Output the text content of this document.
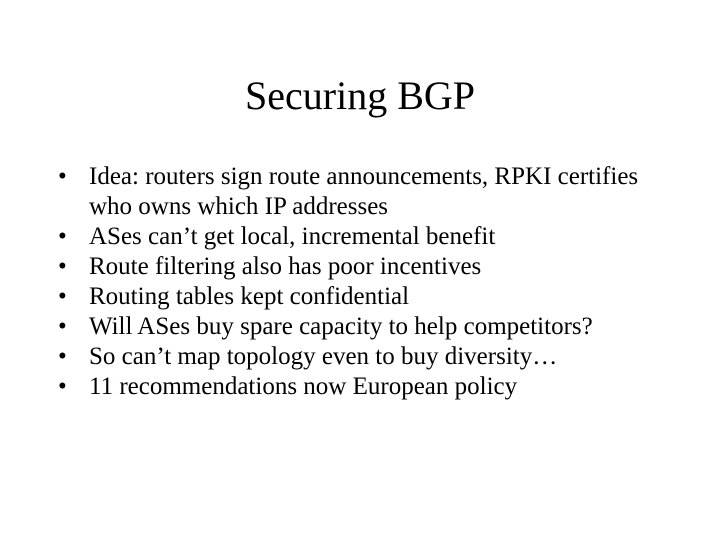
Securing BGP
• Idea: routers sign route announcements, RPKI certifies who owns which IP addresses
• ASes can’t get local, incremental benefit
• Route filtering also has poor incentives
• Routing tables kept confidential
• Will ASes buy spare capacity to help competitors?
• So can’t map topology even to buy diversity…
• 11 recommendations now European policy
